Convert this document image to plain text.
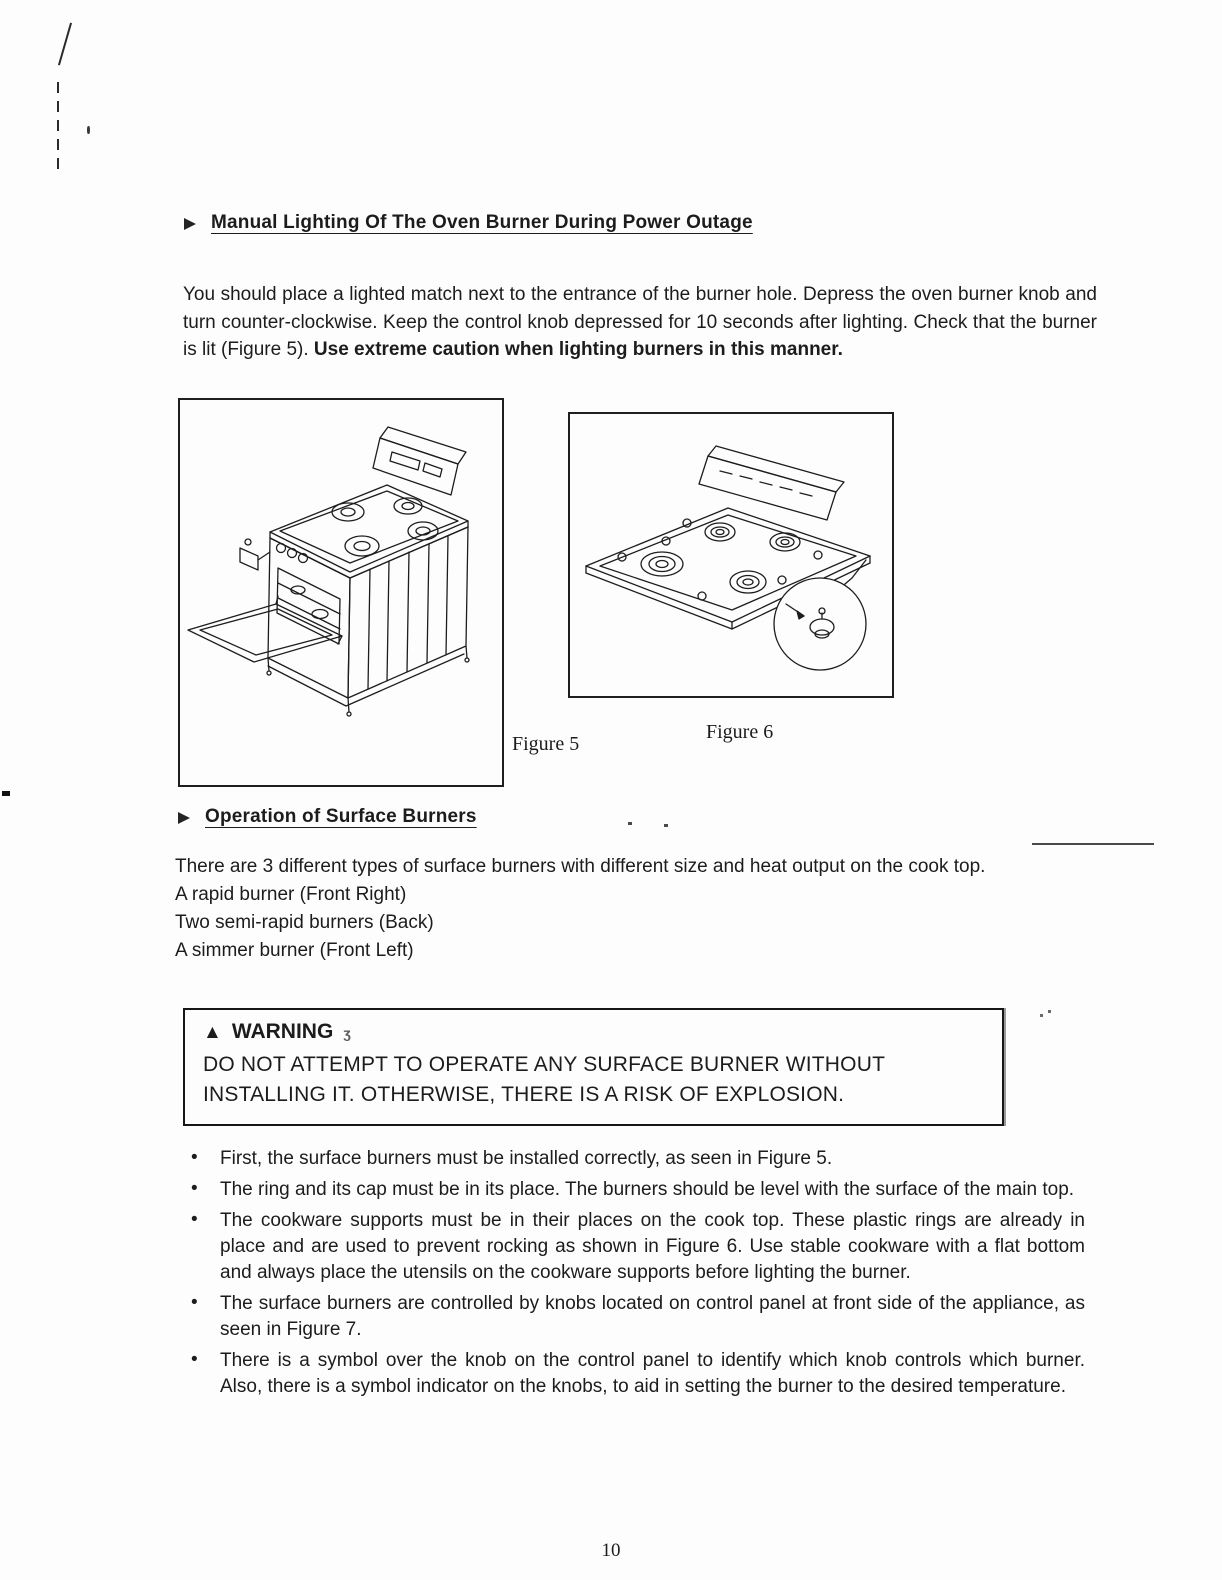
Manual Lighting Of The Oven Burner During Power Outage

You should place a lighted match next to the entrance of the burner hole. Depress the oven burner knob and turn counter-clockwise. Keep the control knob depressed for 10 seconds after lighting. Check that the burner is lit (Figure 5). Use extreme caution when lighting burners in this manner.

Figure 5
Figure 6
Operation of Surface Burners

There are 3 different types of surface burners with different size and heat output on the cook top.

A rapid burner (Front Right)
Two semi-rapid burners (Back)
A simmer burner (Front Left)
▲ WARNING ʒ
DO NOT ATTEMPT TO OPERATE ANY SURFACE BURNER WITHOUT INSTALLING IT. OTHERWISE, THERE IS A RISK OF EXPLOSION.
• First, the surface burners must be installed correctly, as seen in Figure 5.
• The ring and its cap must be in its place. The burners should be level with the surface of the main top.
• The cookware supports must be in their places on the cook top. These plastic rings are already in place and are used to prevent rocking as shown in Figure 6. Use stable cookware with a flat bottom and always place the utensils on the cookware supports before lighting the burner.
• The surface burners are controlled by knobs located on control panel at front side of the appliance, as seen in Figure 7.
• There is a symbol over the knob on the control panel to identify which knob controls which burner. Also, there is a symbol indicator on the knobs, to aid in setting the burner to the desired temperature.
10
